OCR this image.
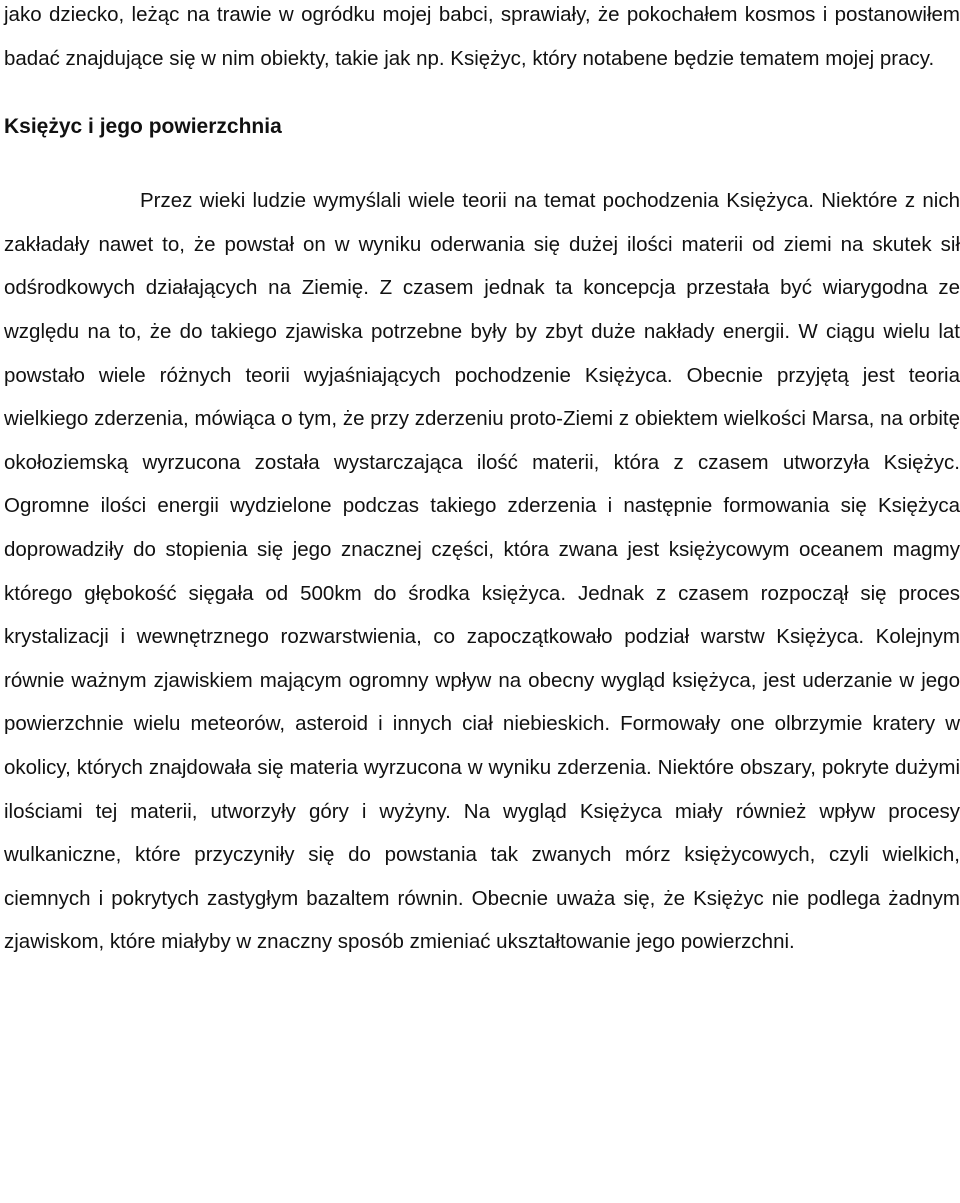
jako dziecko, leżąc na trawie w ogródku mojej babci, sprawiały, że pokochałem kosmos i postanowiłem badać znajdujące się w nim obiekty, takie jak np. Księżyc, który notabene będzie tematem mojej pracy.

Księżyc i jego powierzchnia

Przez wieki ludzie wymyślali wiele teorii na temat pochodzenia Księżyca. Niektóre z nich zakładały nawet to, że powstał on w wyniku oderwania się dużej ilości materii od ziemi na skutek sił odśrodkowych działających na Ziemię. Z czasem jednak ta koncepcja przestała być wiarygodna ze względu na to, że do takiego zjawiska potrzebne były by zbyt duże nakłady energii. W ciągu wielu lat powstało wiele różnych teorii wyjaśniających pochodzenie Księżyca. Obecnie przyjętą jest teoria wielkiego zderzenia, mówiąca o tym, że przy zderzeniu proto-Ziemi z obiektem wielkości Marsa, na orbitę okołoziemską wyrzucona została wystarczająca ilość materii, która z czasem utworzyła Księżyc. Ogromne ilości energii wydzielone podczas takiego zderzenia i następnie formowania się Księżyca doprowadziły do stopienia się jego znacznej części, która zwana jest księżycowym oceanem magmy którego głębokość sięgała od 500km do środka księżyca. Jednak z czasem rozpoczął się proces krystalizacji i wewnętrznego rozwarstwienia, co zapoczątkowało podział warstw Księżyca. Kolejnym równie ważnym zjawiskiem mającym ogromny wpływ na obecny wygląd księżyca, jest uderzanie w jego powierzchnie wielu meteorów, asteroid i innych ciał niebieskich. Formowały one olbrzymie kratery w okolicy, których znajdowała się materia wyrzucona w wyniku zderzenia. Niektóre obszary, pokryte dużymi ilościami tej materii, utworzyły góry i wyżyny. Na wygląd Księżyca miały również wpływ procesy wulkaniczne, które przyczyniły się do powstania tak zwanych mórz księżycowych, czyli wielkich, ciemnych i pokrytych zastygłym bazaltem równin. Obecnie uważa się, że Księżyc nie podlega żadnym zjawiskom, które miałyby w znaczny sposób zmieniać ukształtowanie jego powierzchni.
